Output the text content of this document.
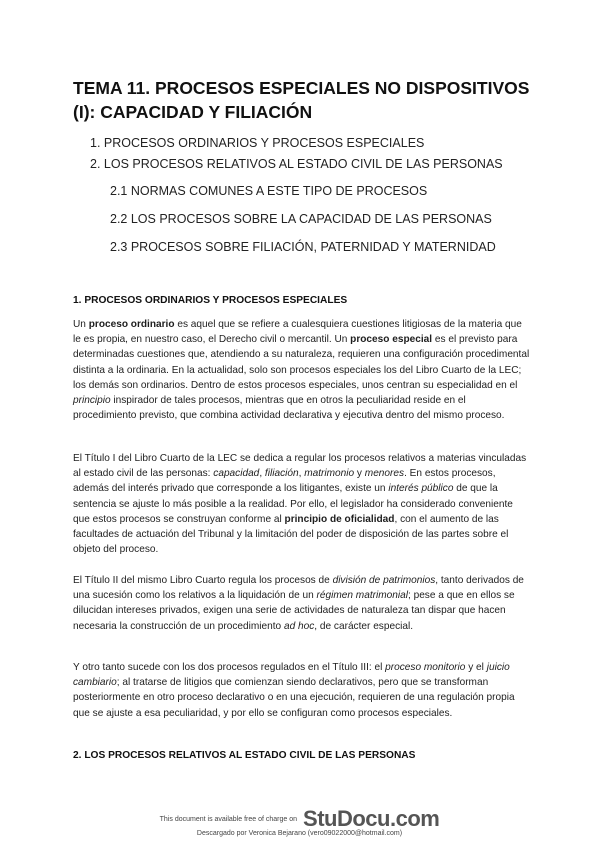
TEMA 11. PROCESOS ESPECIALES NO DISPOSITIVOS (I): CAPACIDAD Y FILIACIÓN
1. PROCESOS ORDINARIOS Y PROCESOS ESPECIALES
2. LOS PROCESOS RELATIVOS AL ESTADO CIVIL DE LAS PERSONAS
2.1 NORMAS COMUNES A ESTE TIPO DE PROCESOS
2.2 LOS PROCESOS SOBRE LA CAPACIDAD DE LAS PERSONAS
2.3 PROCESOS SOBRE FILIACIÓN, PATERNIDAD Y MATERNIDAD
1. PROCESOS ORDINARIOS Y PROCESOS ESPECIALES

Un proceso ordinario es aquel que se refiere a cualesquiera cuestiones litigiosas de la materia que le es propia, en nuestro caso, el Derecho civil o mercantil. Un proceso especial es el previsto para determinadas cuestiones que, atendiendo a su naturaleza, requieren una configuración procedimental distinta a la ordinaria. En la actualidad, solo son procesos especiales los del Libro Cuarto de la LEC; los demás son ordinarios. Dentro de estos procesos especiales, unos centran su especialidad en el principio inspirador de tales procesos, mientras que en otros la peculiaridad reside en el procedimiento previsto, que combina actividad declarativa y ejecutiva dentro del mismo proceso.

El Título I del Libro Cuarto de la LEC se dedica a regular los procesos relativos a materias vinculadas al estado civil de las personas: capacidad, filiación, matrimonio y menores. En estos procesos, además del interés privado que corresponde a los litigantes, existe un interés público de que la sentencia se ajuste lo más posible a la realidad. Por ello, el legislador ha considerado conveniente que estos procesos se construyan conforme al principio de oficialidad, con el aumento de las facultades de actuación del Tribunal y la limitación del poder de disposición de las partes sobre el objeto del proceso.

El Título II del mismo Libro Cuarto regula los procesos de división de patrimonios, tanto derivados de una sucesión como los relativos a la liquidación de un régimen matrimonial; pese a que en ellos se dilucidan intereses privados, exigen una serie de actividades de naturaleza tan dispar que hacen necesaria la construcción de un procedimiento ad hoc, de carácter especial.

Y otro tanto sucede con los dos procesos regulados en el Título III: el proceso monitorio y el juicio cambiario; al tratarse de litigios que comienzan siendo declarativos, pero que se transforman posteriormente en otro proceso declarativo o en una ejecución, requieren de una regulación propia que se ajuste a esa peculiaridad, y por ello se configuran como procesos especiales.

2. LOS PROCESOS RELATIVOS AL ESTADO CIVIL DE LAS PERSONAS
This document is available free of charge on StuDocu.com
Descargado por Veronica Bejarano (vero09022000@hotmail.com)
